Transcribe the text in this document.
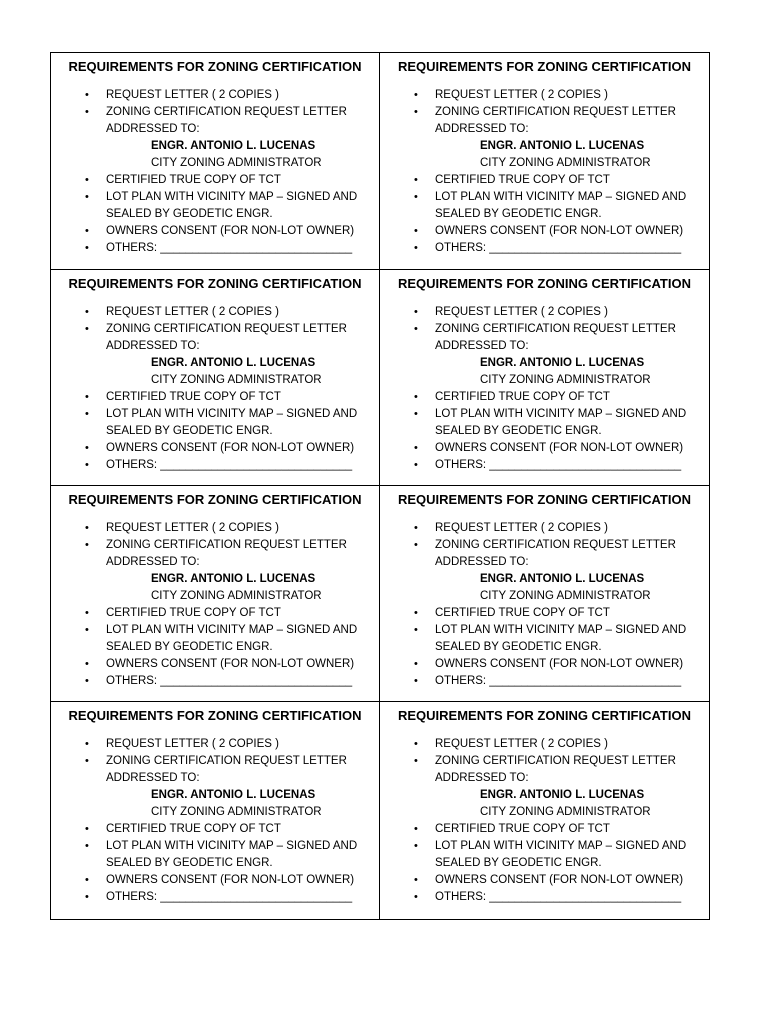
REQUIREMENTS FOR ZONING CERTIFICATION
• REQUEST LETTER ( 2 COPIES )
• ZONING CERTIFICATION REQUEST LETTER
ADDRESSED TO:
ENGR. ANTONIO L. LUCENAS
CITY ZONING ADMINISTRATOR
• CERTIFIED TRUE COPY OF TCT
• LOT PLAN WITH VICINITY MAP – SIGNED AND
SEALED BY GEODETIC ENGR.
• OWNERS CONSENT (FOR NON-LOT OWNER)
• OTHERS: ______________________________
REQUIREMENTS FOR ZONING CERTIFICATION
• REQUEST LETTER ( 2 COPIES )
• ZONING CERTIFICATION REQUEST LETTER
ADDRESSED TO:
ENGR. ANTONIO L. LUCENAS
CITY ZONING ADMINISTRATOR
• CERTIFIED TRUE COPY OF TCT
• LOT PLAN WITH VICINITY MAP – SIGNED AND
SEALED BY GEODETIC ENGR.
• OWNERS CONSENT (FOR NON-LOT OWNER)
• OTHERS: ______________________________
REQUIREMENTS FOR ZONING CERTIFICATION
• REQUEST LETTER ( 2 COPIES )
• ZONING CERTIFICATION REQUEST LETTER
ADDRESSED TO:
ENGR. ANTONIO L. LUCENAS
CITY ZONING ADMINISTRATOR
• CERTIFIED TRUE COPY OF TCT
• LOT PLAN WITH VICINITY MAP – SIGNED AND
SEALED BY GEODETIC ENGR.
• OWNERS CONSENT (FOR NON-LOT OWNER)
• OTHERS: ______________________________
REQUIREMENTS FOR ZONING CERTIFICATION
• REQUEST LETTER ( 2 COPIES )
• ZONING CERTIFICATION REQUEST LETTER
ADDRESSED TO:
ENGR. ANTONIO L. LUCENAS
CITY ZONING ADMINISTRATOR
• CERTIFIED TRUE COPY OF TCT
• LOT PLAN WITH VICINITY MAP – SIGNED AND
SEALED BY GEODETIC ENGR.
• OWNERS CONSENT (FOR NON-LOT OWNER)
• OTHERS: ______________________________
REQUIREMENTS FOR ZONING CERTIFICATION
• REQUEST LETTER ( 2 COPIES )
• ZONING CERTIFICATION REQUEST LETTER
ADDRESSED TO:
ENGR. ANTONIO L. LUCENAS
CITY ZONING ADMINISTRATOR
• CERTIFIED TRUE COPY OF TCT
• LOT PLAN WITH VICINITY MAP – SIGNED AND
SEALED BY GEODETIC ENGR.
• OWNERS CONSENT (FOR NON-LOT OWNER)
• OTHERS: ______________________________
REQUIREMENTS FOR ZONING CERTIFICATION
• REQUEST LETTER ( 2 COPIES )
• ZONING CERTIFICATION REQUEST LETTER
ADDRESSED TO:
ENGR. ANTONIO L. LUCENAS
CITY ZONING ADMINISTRATOR
• CERTIFIED TRUE COPY OF TCT
• LOT PLAN WITH VICINITY MAP – SIGNED AND
SEALED BY GEODETIC ENGR.
• OWNERS CONSENT (FOR NON-LOT OWNER)
• OTHERS: ______________________________
REQUIREMENTS FOR ZONING CERTIFICATION
• REQUEST LETTER ( 2 COPIES )
• ZONING CERTIFICATION REQUEST LETTER
ADDRESSED TO:
ENGR. ANTONIO L. LUCENAS
CITY ZONING ADMINISTRATOR
• CERTIFIED TRUE COPY OF TCT
• LOT PLAN WITH VICINITY MAP – SIGNED AND
SEALED BY GEODETIC ENGR.
• OWNERS CONSENT (FOR NON-LOT OWNER)
• OTHERS: ______________________________
REQUIREMENTS FOR ZONING CERTIFICATION
• REQUEST LETTER ( 2 COPIES )
• ZONING CERTIFICATION REQUEST LETTER
ADDRESSED TO:
ENGR. ANTONIO L. LUCENAS
CITY ZONING ADMINISTRATOR
• CERTIFIED TRUE COPY OF TCT
• LOT PLAN WITH VICINITY MAP – SIGNED AND
SEALED BY GEODETIC ENGR.
• OWNERS CONSENT (FOR NON-LOT OWNER)
• OTHERS: ______________________________
